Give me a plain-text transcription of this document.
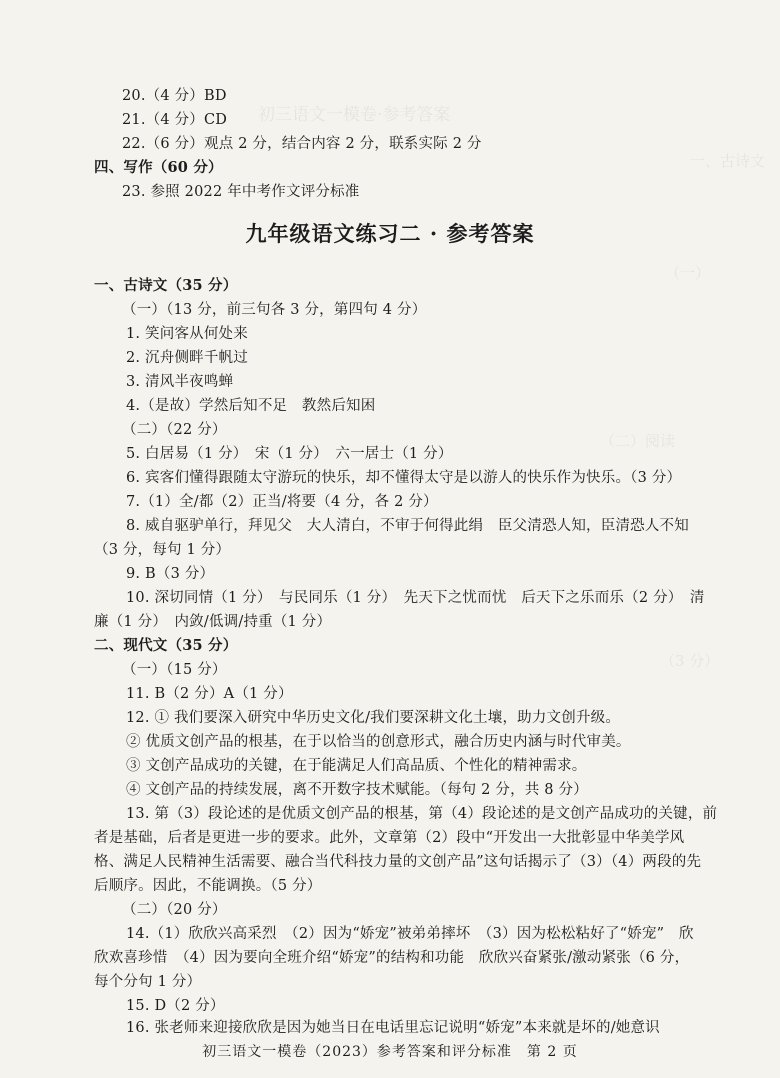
初三语文一模卷·参考答案
一、古诗文
（一）
（二）阅读
（3 分）
20.（4 分）BD
21.（4 分）CD
22.（6 分）观点 2 分，结合内容 2 分，联系实际 2 分
四、写作（60 分）
23. 参照 2022 年中考作文评分标准
九年级语文练习二 · 参考答案
一、古诗文（35 分）
（一）（13 分，前三句各 3 分，第四句 4 分）
1. 笑问客从何处来
2. 沉舟侧畔千帆过
3. 清风半夜鸣蝉
4.（是故）学然后知不足　教然后知困
（二）（22 分）
5. 白居易（1 分）　宋（1 分）　六一居士（1 分）
6. 宾客们懂得跟随太守游玩的快乐，却不懂得太守是以游人的快乐作为快乐。（3 分）
7.（1）全/都（2）正当/将要（4 分，各 2 分）
8. 威自驱驴单行，拜见父　大人清白，不审于何得此绢　臣父清恐人知，臣清恐人不知
（3 分，每句 1 分）
9. B（3 分）
10. 深切同情（1 分）　与民同乐（1 分）　先天下之忧而忧　后天下之乐而乐（2 分）　清
廉（1 分）　内敛/低调/持重（1 分）
二、现代文（35 分）
（一）（15 分）
11. B（2 分）A（1 分）
12. ① 我们要深入研究中华历史文化/我们要深耕文化土壤，助力文创升级。
② 优质文创产品的根基，在于以恰当的创意形式，融合历史内涵与时代审美。
③ 文创产品成功的关键，在于能满足人们高品质、个性化的精神需求。
④ 文创产品的持续发展，离不开数字技术赋能。（每句 2 分，共 8 分）
13. 第（3）段论述的是优质文创产品的根基，第（4）段论述的是文创产品成功的关键，前
者是基础，后者是更进一步的要求。此外，文章第（2）段中“开发出一大批彰显中华美学风
格、满足人民精神生活需要、融合当代科技力量的文创产品”这句话揭示了（3）（4）两段的先
后顺序。因此，不能调换。（5 分）
（二）（20 分）
14.（1）欣欣兴高采烈　（2）因为“娇宠”被弟弟摔坏　（3）因为松松粘好了“娇宠”　欣
欣欢喜珍惜　（4）因为要向全班介绍“娇宠”的结构和功能　欣欣兴奋紧张/激动紧张（6 分，
每个分句 1 分）
15. D（2 分）
16. 张老师来迎接欣欣是因为她当日在电话里忘记说明“娇宠”本来就是坏的/她意识
初三语文一模卷（2023）参考答案和评分标准　第 2 页
